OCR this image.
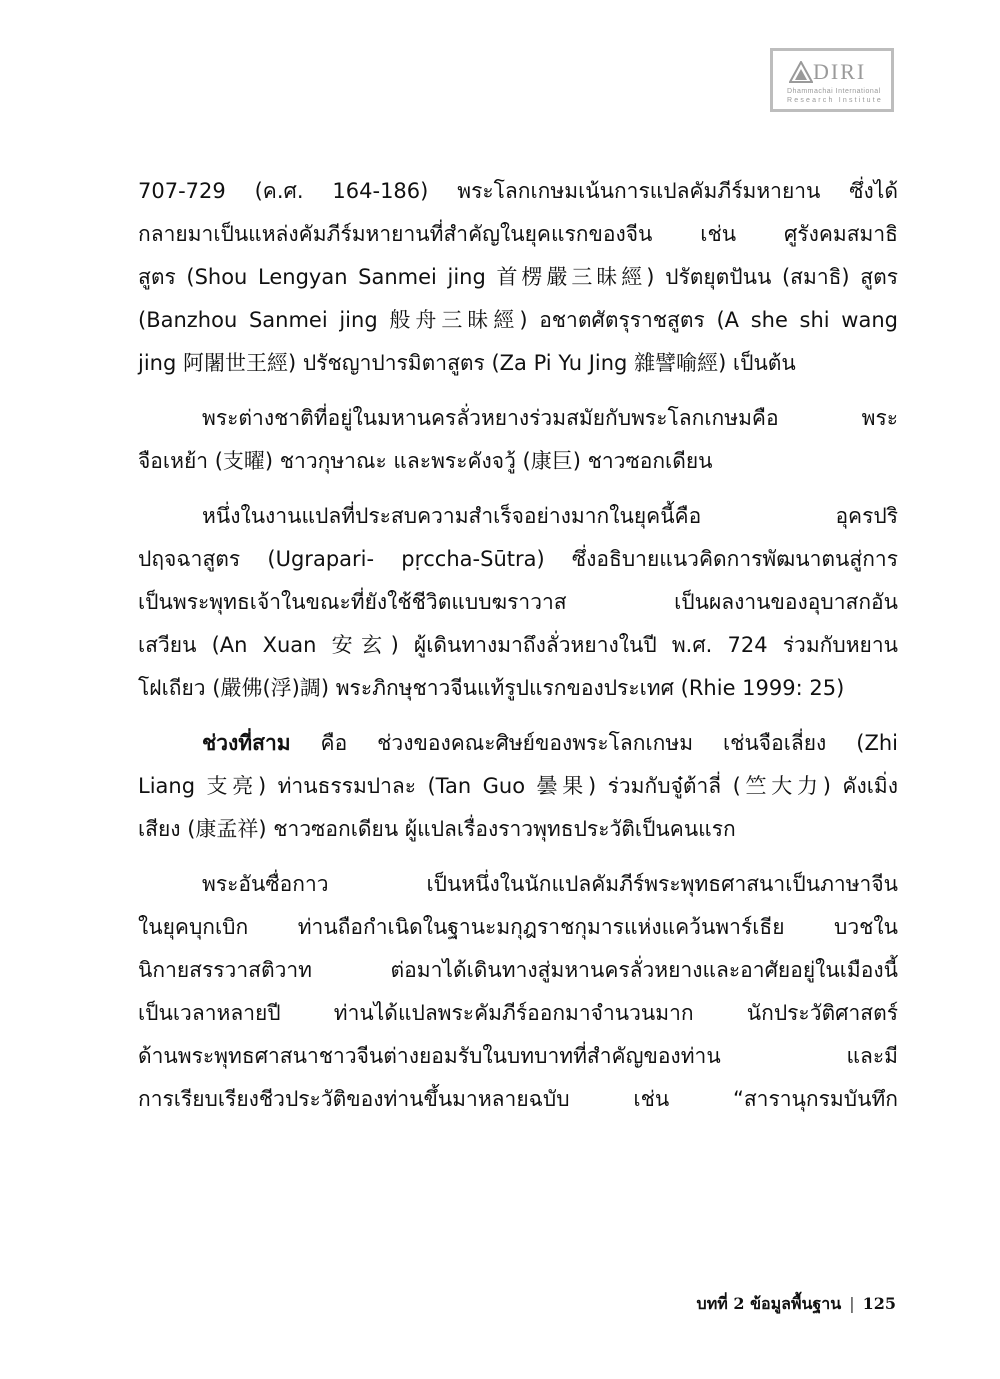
DIRI
Dhammachai International
Research Institute

707-729 (ค.ศ. 164-186) พระโลกเกษมเน้นการแปลคัมภีร์มหายาน ซึ่งได้
กลายมาเป็นแหล่งคัมภีร์มหายานที่สำคัญในยุคแรกของจีน เช่น ศูรังคมสมาธิ
สูตร (Shou Lengyan Sanmei jing 首楞嚴三昧經) ปรัตยุตปันน (สมาธิ) สูตร
(Banzhou Sanmei jing 般舟三昧經) อชาตศัตรุราชสูตร (A she shi wang
jing 阿闍世王經) ปรัชญาปารมิตาสูตร (Za Pi Yu Jing 雜譬喻經) เป็นต้น

พระต่างชาติที่อยู่ในมหานครลั่วหยางร่วมสมัยกับพระโลกเกษมคือ พระ
จือเหย้า (支曜) ชาวกุษาณะ และพระคังจวู้ (康巨) ชาวซอกเดียน

หนึ่งในงานแปลที่ประสบความสำเร็จอย่างมากในยุคนี้คือ อุครปริ
ปฤจฉาสูตร (Ugrapari- pṛccha-Sūtra) ซึ่งอธิบายแนวคิดการพัฒนาตนสู่การ
เป็นพระพุทธเจ้าในขณะที่ยังใช้ชีวิตแบบฆราวาส เป็นผลงานของอุบาสกอัน
เสวียน (An Xuan 安玄) ผู้เดินทางมาถึงลั่วหยางในปี พ.ศ. 724 ร่วมกับหยาน
โฝเถียว (嚴佛(浮)調) พระภิกษุชาวจีนแท้รูปแรกของประเทศ (Rhie 1999: 25)

ช่วงที่สาม คือ ช่วงของคณะศิษย์ของพระโลกเกษม เช่นจือเลี่ยง (Zhi
Liang 支亮) ท่านธรรมปาละ (Tan Guo 曇果) ร่วมกับจู๋ต้าลี่ (竺大力) คังเมิ่ง
เสียง (康孟祥) ชาวซอกเดียน ผู้แปลเรื่องราวพุทธประวัติเป็นคนแรก

พระอันซื่อกาว เป็นหนึ่งในนักแปลคัมภีร์พระพุทธศาสนาเป็นภาษาจีน
ในยุคบุกเบิก ท่านถือกำเนิดในฐานะมกุฎราชกุมารแห่งแคว้นพาร์เธีย บวชใน
นิกายสรรวาสติวาท ต่อมาได้เดินทางสู่มหานครลั่วหยางและอาศัยอยู่ในเมืองนี้
เป็นเวลาหลายปี ท่านได้แปลพระคัมภีร์ออกมาจำนวนมาก นักประวัติศาสตร์
ด้านพระพุทธศาสนาชาวจีนต่างยอมรับในบทบาทที่สำคัญของท่าน และมี
การเรียบเรียงชีวประวัติของท่านขึ้นมาหลายฉบับ เช่น “สารานุกรมบันทึก

บทที่ 2 ข้อมูลพื้นฐาน | 125
